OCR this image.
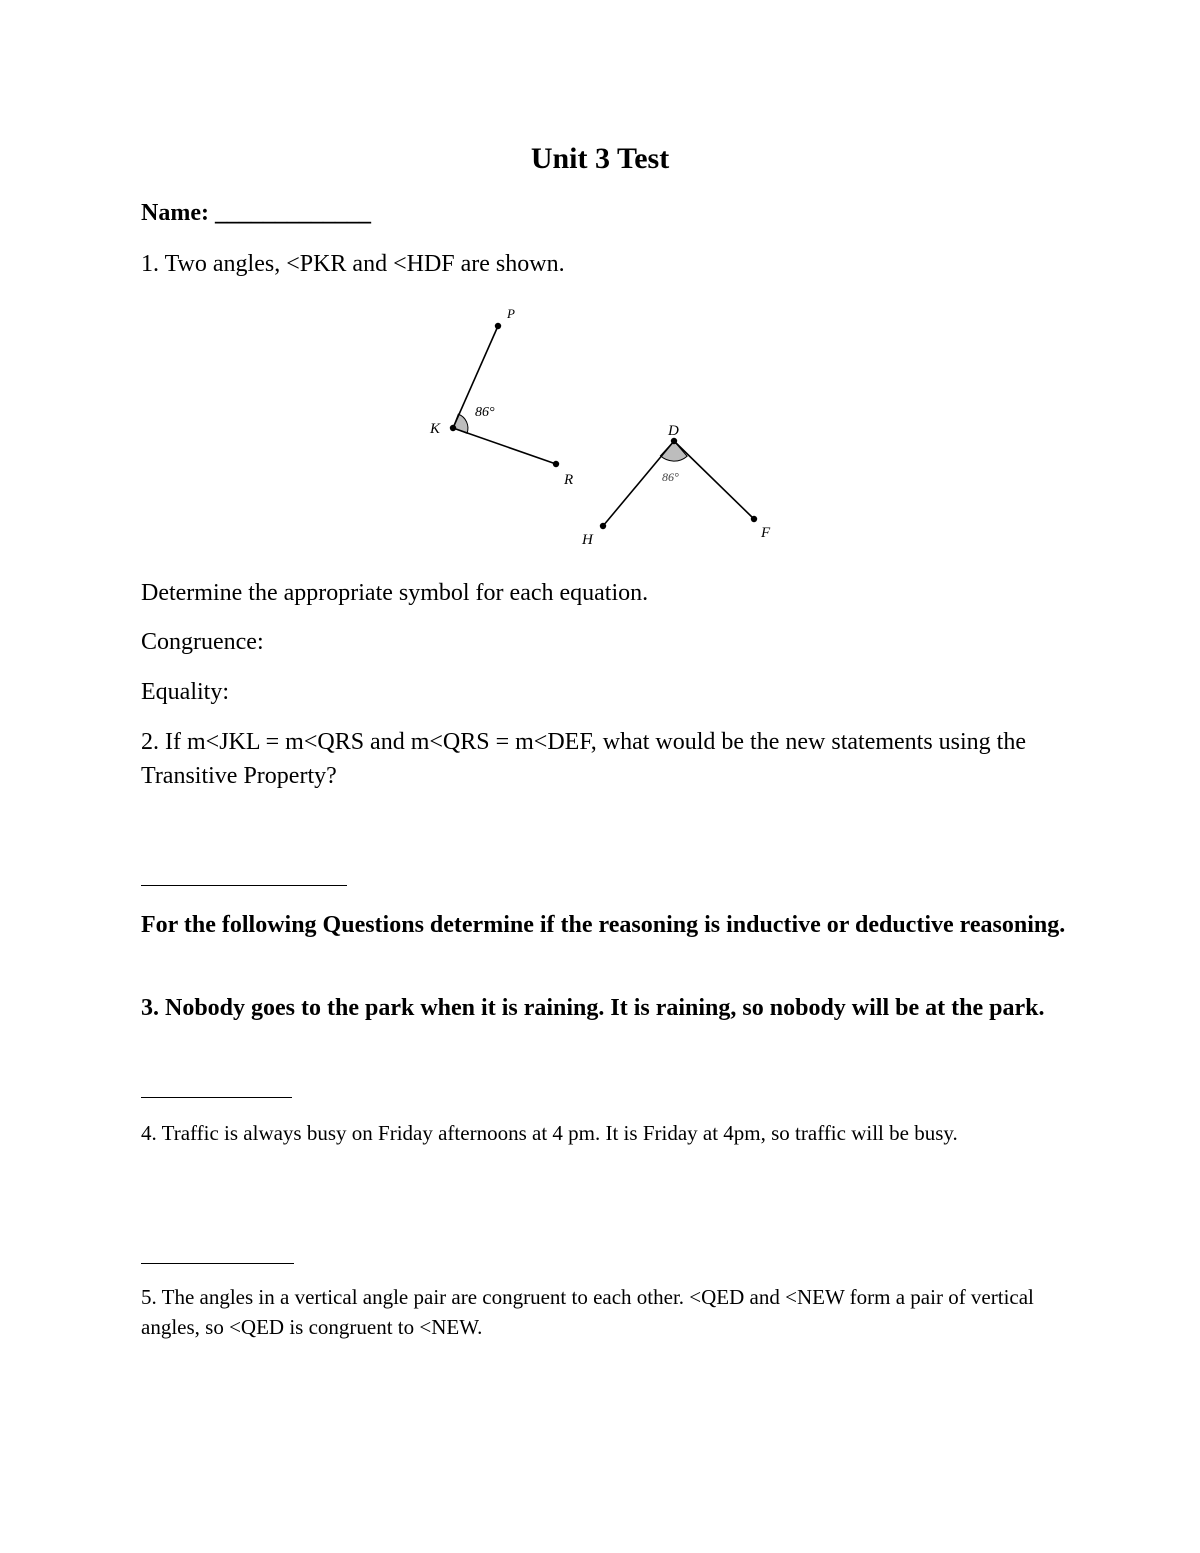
Unit 3 Test
Name: _____________
1. Two angles, <PKR and <HDF are shown.
P
K
R
86°
D
H	F
86°
Determine the appropriate symbol for each equation.
Congruence:
Equality:
2. If m<JKL = m<QRS and m<QRS = m<DEF, what would be the new statements using the Transitive Property?
For the following Questions determine if the reasoning is inductive or deductive reasoning.
3. Nobody goes to the park when it is raining. It is raining, so nobody will be at the park.
4. Traffic is always busy on Friday afternoons at 4 pm. It is Friday at 4pm, so traffic will be busy.
5. The angles in a vertical angle pair are congruent to each other. <QED and <NEW form a pair of vertical angles, so <QED is congruent to <NEW.
